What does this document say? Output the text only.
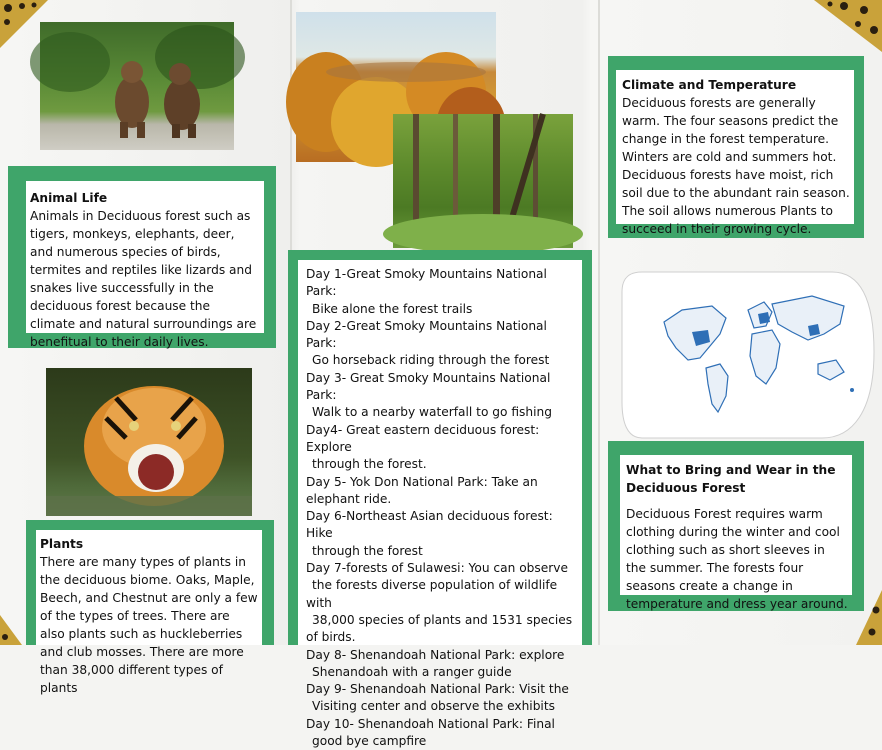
Animal Life
Animals in Deciduous forest such as tigers, monkeys, elephants, deer, and numerous species of birds, termites and reptiles like lizards and snakes live successfully in the deciduous forest because the climate and natural surroundings are benefitual to their daily lives.
Plants
There are many types of plants in the deciduous biome. Oaks, Maple, Beech, and Chestnut are only a few of the types of trees. There are also plants such as huckleberries and club mosses. There are more than 38,000 different types of plants

Day 1-Great Smoky Mountains National Park:
Bike alone the forest trails

Day 2-Great Smoky Mountains National Park:
Go horseback riding through the forest

Day 3- Great Smoky Mountains National Park:
Walk to a nearby waterfall to go fishing

Day4- Great eastern deciduous forest: Explore
through the forest.

Day 5- Yok Don National Park: Take an
elephant ride.

Day 6-Northeast Asian deciduous forest: Hike
through the forest

Day 7-forests of Sulawesi: You can observe
the forests diverse population of wildlife with
38,000 species of plants and 1531 species of birds.

Day 8- Shenandoah National Park: explore
Shenandoah with a ranger guide

Day 9- Shenandoah National Park: Visit the
Visiting center and observe the exhibits

Day 10- Shenandoah National Park: Final
good bye campfire

Climate and Temperature
Deciduous forests are generally warm. The four seasons predict the change in the forest temperature. Winters are cold and summers hot. Deciduous forests have moist, rich soil due to the abundant rain season. The soil allows numerous Plants to succeed in their growing cycle.
What to Bring and Wear in the Deciduous Forest
Deciduous Forest requires warm clothing during the winter and cool clothing such as short sleeves in the summer. The forests four seasons create a change in temperature and dress year around.
